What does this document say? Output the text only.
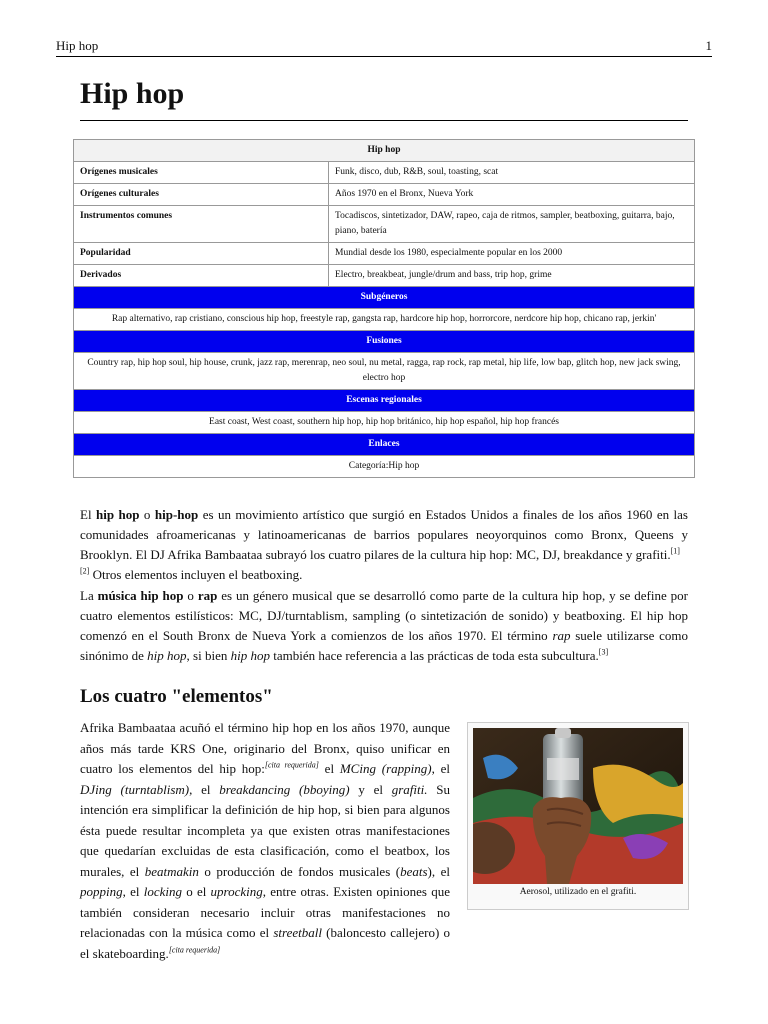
Hip hop	1
Hip hop
Hip hop	
Orígenes musicales	Funk, disco, dub, R&B, soul, toasting, scat
Orígenes culturales	Años 1970 en el Bronx, Nueva York
Instrumentos comunes	Tocadiscos, sintetizador, DAW, rapeo, caja de ritmos, sampler, beatboxing, guitarra, bajo, piano, batería
Popularidad	Mundial desde los 1980, especialmente popular en los 2000
Derivados	Electro, breakbeat, jungle/drum and bass, trip hop, grime
Subgéneros	
Rap alternativo, rap cristiano, conscious hip hop, freestyle rap, gangsta rap, hardcore hip hop, horrorcore, nerdcore hip hop, chicano rap, jerkin'	
Fusiones	
Country rap, hip hop soul, hip house, crunk, jazz rap, merenrap, neo soul, nu metal, ragga, rap rock, rap metal, hip life, low bap, glitch hop, new jack swing, electro hop	
Escenas regionales	
East coast, West coast, southern hip hop, hip hop británico, hip hop español, hip hop francés	
Enlaces	
Categoría:Hip hop	
El hip hop o hip-hop es un movimiento artístico que surgió en Estados Unidos a finales de los años 1960 en las comunidades afroamericanas y latinoamericanas de barrios populares neoyorquinos como Bronx, Queens y Brooklyn. El DJ Afrika Bambaataa subrayó los cuatro pilares de la cultura hip hop: MC, DJ, breakdance y grafiti.[1]
[2] Otros elementos incluyen el beatboxing.
La música hip hop o rap es un género musical que se desarrolló como parte de la cultura hip hop, y se define por cuatro elementos estilísticos: MC, DJ/turntablism, sampling (o sintetización de sonido) y beatboxing. El hip hop comenzó en el South Bronx de Nueva York a comienzos de los años 1970. El término rap suele utilizarse como sinónimo de hip hop, si bien hip hop también hace referencia a las prácticas de toda esta subcultura.[3]
Los cuatro "elementos"
Afrika Bambaataa acuñó el término hip hop en los años 1970, aunque años más tarde KRS One, originario del Bronx, quiso unificar en cuatro los elementos del hip hop:[cita requerida] el MCing (rapping), el DJing (turntablism), el breakdancing (bboying) y el grafiti. Su intención era simplificar la definición de hip hop, si bien para algunos ésta puede resultar incompleta ya que existen otras manifestaciones que quedarían excluidas de esta clasificación, como el beatbox, los murales, el beatmakin o producción de fondos musicales (beats), el popping, el locking o el uprocking, entre otras. Existen opiniones que también consideran necesario incluir otras manifestaciones no relacionadas con la música como el streetball (baloncesto callejero) o el skateboarding.[cita requerida]
Aerosol, utilizado en el grafiti.
